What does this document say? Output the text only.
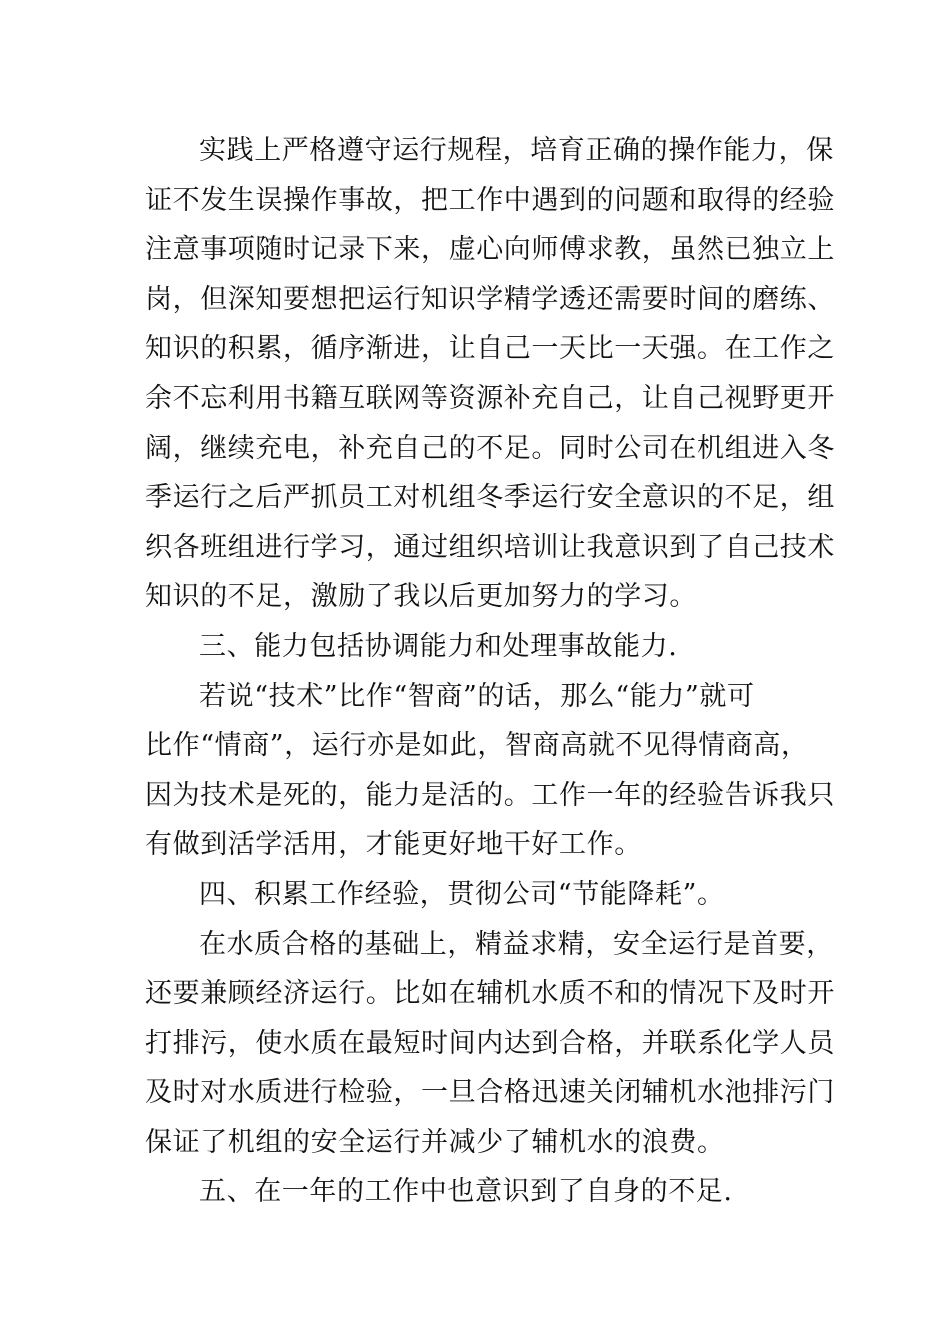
实践上严格遵守运行规程，培育正确的操作能力，保
证不发生误操作事故，把工作中遇到的问题和取得的经验
注意事项随时记录下来，虚心向师傅求教，虽然已独立上
岗，但深知要想把运行知识学精学透还需要时间的磨练、
知识的积累，循序渐进，让自己一天比一天强。在工作之
余不忘利用书籍互联网等资源补充自己，让自己视野更开
阔，继续充电，补充自己的不足。同时公司在机组进入冬
季运行之后严抓员工对机组冬季运行安全意识的不足，组
织各班组进行学习，通过组织培训让我意识到了自己技术
知识的不足，激励了我以后更加努力的学习。
三、能力包括协调能力和处理事故能力.
若说“技术”比作“智商”的话，那么“能力”就可
比作“情商”，运行亦是如此，智商高就不见得情商高，
因为技术是死的，能力是活的。工作一年的经验告诉我只
有做到活学活用，才能更好地干好工作。
四、积累工作经验，贯彻公司“节能降耗”。
在水质合格的基础上，精益求精，安全运行是首要，
还要兼顾经济运行。比如在辅机水质不和的情况下及时开
打排污，使水质在最短时间内达到合格，并联系化学人员
及时对水质进行检验，一旦合格迅速关闭辅机水池排污门
保证了机组的安全运行并减少了辅机水的浪费。
五、在一年的工作中也意识到了自身的不足.
